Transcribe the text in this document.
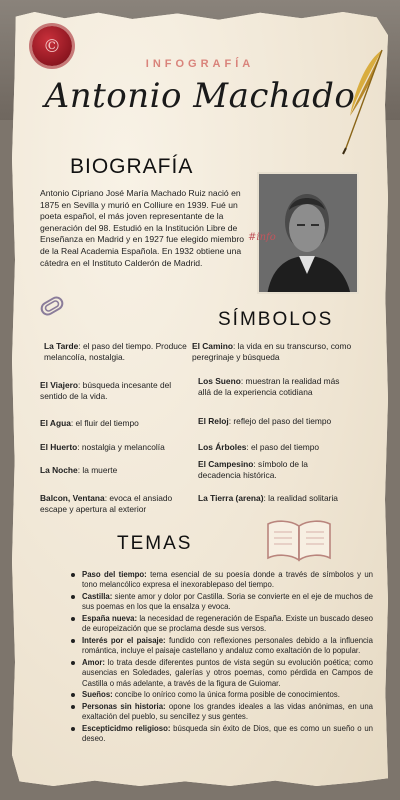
©
INFOGRAFÍA
Antonio Machado
BIOGRAFÍA

Antonio Cipriano José María Machado Ruiz nació en 1875 en Sevilla y murió en Colliure en 1939. Fué un poeta español, el más joven representante de la generación del 98. Estudió en la Institución Libre de Enseñanza en Madrid y en 1927 fue elegido miembro de la Real Academia Española. En 1932 obtiene una cátedra en el Instituto Calderón de Madrid.

#info
SÍMBOLOS
La Tarde: el paso del tiempo. Produce melancolía, nostalgia.
El Camino: la vida en su transcurso, como peregrinaje y búsqueda
El Viajero: búsqueda incesante del sentido de la vida.
Los Sueno: muestran la realidad más allá de la experiencia cotidiana
El Agua: el fluir del tiempo	El Reloj: reflejo del paso del tiempo
El Huerto: nostalgia y melancolía	Los Árboles: el paso del tiempo
La Noche: la muerte
El Campesino: símbolo de la decadencia histórica.
Balcon, Ventana: evoca el ansiado escape y apertura al exterior
La Tierra (arena): la realidad solitaria
TEMAS
Paso del tiempo: tema esencial de su poesía donde a través de símbolos y un tono melancólico expresa el inexorablepaso del tiempo.
Castilla: siente amor y dolor por Castilla. Soria se convierte en el eje de muchos de sus poemas en los que la ensalza y evoca.
España nueva: la necesidad de regeneración de España. Existe un buscado deseo de europeización que se proclama desde sus versos.
Interés por el paisaje: fundido con reflexiones personales debido a la influencia romántica, incluye el paisaje castellano y andaluz como exaltación de lo popular.
Amor: lo trata desde diferentes puntos de vista según su evolución poética; como ausencias en Soledades, galerías y otros poemas, como pérdida en Campos de Castilla o más adelante, a través de la figura de Guiomar.
Sueños: concibe lo onírico como la única forma posible de conocimientos.
Personas sin historia: opone los grandes ideales a las vidas anónimas, en una exaltación del pueblo, su sencillez y sus gentes.
Escepticidmo religioso: búsqueda sin éxito de Dios, que es como un sueño o un deseo.
